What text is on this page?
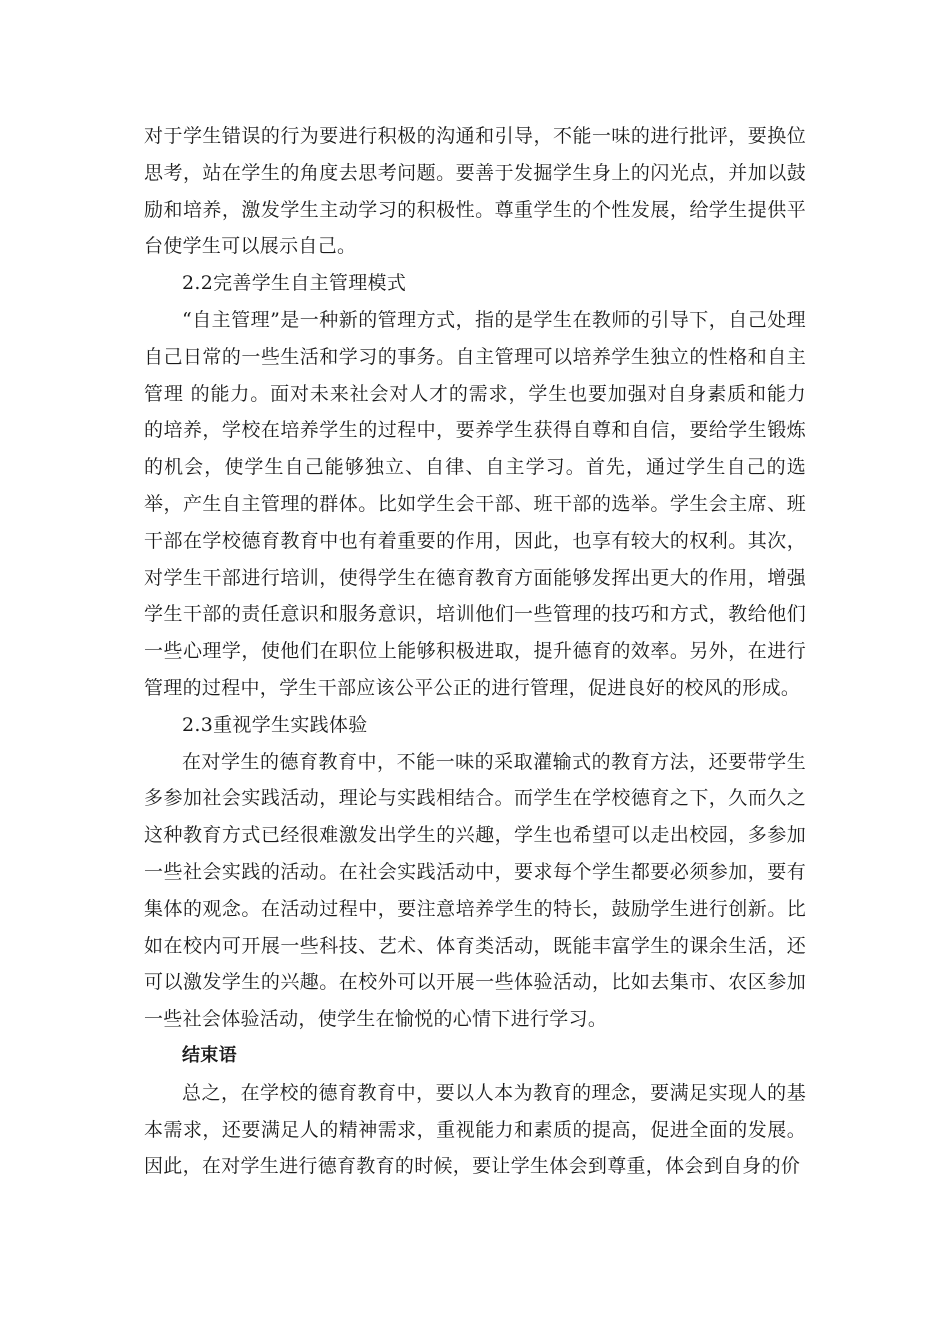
对于学生错误的行为要进行积极的沟通和引导，不能一味的进行批评，要换位思考，站在学生的角度去思考问题。要善于发掘学生身上的闪光点，并加以鼓励和培养，激发学生主动学习的积极性。尊重学生的个性发展，给学生提供平台使学生可以展示自己。

2.2完善学生自主管理模式

“自主管理”是一种新的管理方式，指的是学生在教师的引导下，自己处理自己日常的一些生活和学习的事务。自主管理可以培养学生独立的性格和自主管理 的能力。面对未来社会对人才的需求，学生也要加强对自身素质和能力的培养，学校在培养学生的过程中，要养学生获得自尊和自信，要给学生锻炼的机会，使学生自己能够独立、自律、自主学习。首先，通过学生自己的选举，产生自主管理的群体。比如学生会干部、班干部的选举。学生会主席、班干部在学校德育教育中也有着重要的作用，因此，也享有较大的权利。其次，对学生干部进行培训，使得学生在德育教育方面能够发挥出更大的作用，增强学生干部的责任意识和服务意识，培训他们一些管理的技巧和方式，教给他们一些心理学，使他们在职位上能够积极进取，提升德育的效率。另外，在进行管理的过程中，学生干部应该公平公正的进行管理，促进良好的校风的形成。

2.3重视学生实践体验

在对学生的德育教育中，不能一味的采取灌输式的教育方法，还要带学生多参加社会实践活动，理论与实践相结合。而学生在学校德育之下，久而久之这种教育方式已经很难激发出学生的兴趣，学生也希望可以走出校园，多参加一些社会实践的活动。在社会实践活动中，要求每个学生都要必须参加，要有集体的观念。在活动过程中，要注意培养学生的特长，鼓励学生进行创新。比如在校内可开展一些科技、艺术、体育类活动，既能丰富学生的课余生活，还可以激发学生的兴趣。在校外可以开展一些体验活动，比如去集市、农区参加一些社会体验活动，使学生在愉悦的心情下进行学习。

结束语

总之，在学校的德育教育中，要以人本为教育的理念，要满足实现人的基本需求，还要满足人的精神需求，重视能力和素质的提高，促进全面的发展。因此，在对学生进行德育教育的时候，要让学生体会到尊重，体会到自身的价
